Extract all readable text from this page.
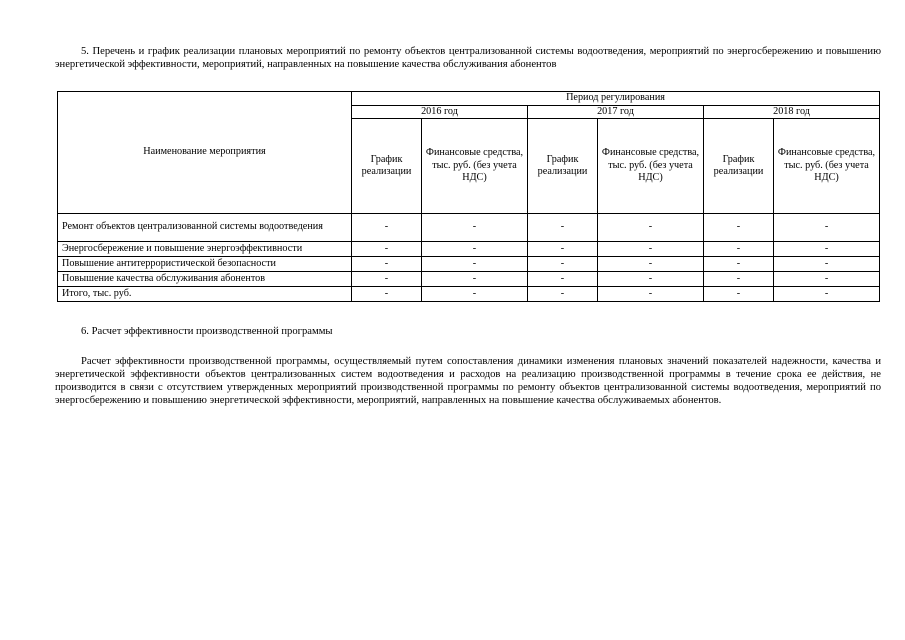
5. Перечень и график реализации плановых мероприятий по ремонту объектов централизованной системы водоотведения, мероприятий по энергосбережению и повышению энергетической эффективности, мероприятий, направленных на повышение качества обслуживания абонентов

Наименование мероприятия	Период регулирования					
	2016 год		2017 год		2018 год	
	График реализации	Финансовые средства, тыс. руб. (без учета НДС)	График реализации	Финансовые средства, тыс. руб. (без учета НДС)	График реализации	Финансовые средства, тыс. руб. (без учета НДС)
Ремонт объектов централизованной системы водоотведения	-	-	-	-	-	-
Энергосбережение и повышение энергоэффективности	-	-	-	-	-	-
Повышение антитеррористической безопасности	-	-	-	-	-	-
Повышение качества обслуживания абонентов	-	-	-	-	-	-
Итого, тыс. руб.	-	-	-	-	-	-

6. Расчет эффективности производственной программы

Расчет эффективности производственной программы, осуществляемый путем сопоставления динамики изменения плановых значений показателей надежности, качества и энергетической эффективности объектов централизованных систем водоотведения и расходов на реализацию производственной программы в течение срока ее действия, не производится в связи с отсутствием утвержденных мероприятий производственной программы по ремонту объектов централизованной системы водоотведения, мероприятий по энергосбережению и повышению энергетической эффективности, мероприятий, направленных на повышение качества обслуживаемых абонентов.
